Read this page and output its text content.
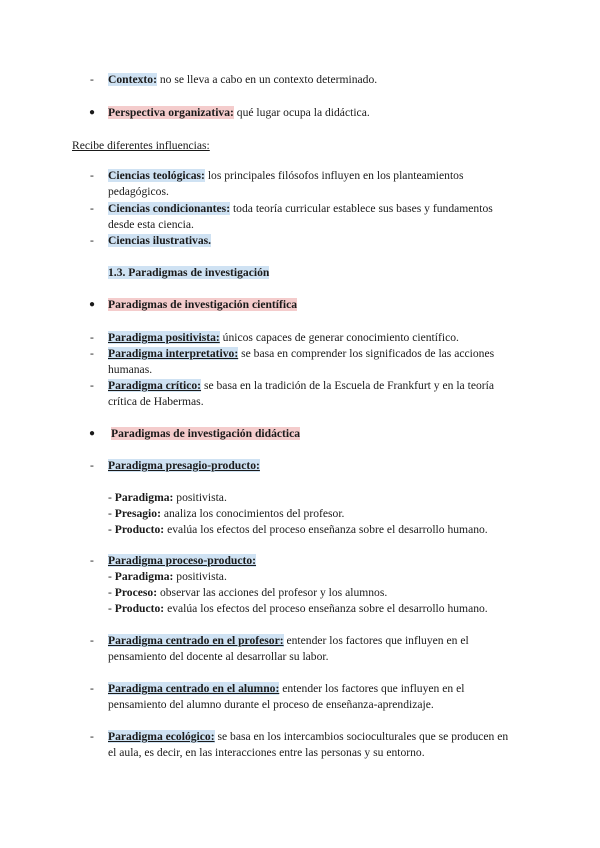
- Contexto: no se lleva a cabo en un contexto determinado.
● Perspectiva organizativa: qué lugar ocupa la didáctica.
Recibe diferentes influencias:
- Ciencias teológicas: los principales filósofos influyen en los planteamientos
pedagógicos.
- Ciencias condicionantes: toda teoría curricular establece sus bases y fundamentos
desde esta ciencia.
- Ciencias ilustrativas.
1.3. Paradigmas de investigación
● Paradigmas de investigación científica
- Paradigma positivista: únicos capaces de generar conocimiento científico.
- Paradigma interpretativo: se basa en comprender los significados de las acciones
humanas.
- Paradigma crítico: se basa en la tradición de la Escuela de Frankfurt y en la teoría
crítica de Habermas.
● Paradigmas de investigación didáctica
- Paradigma presagio-producto:
- Paradigma: positivista.
- Presagio: analiza los conocimientos del profesor.
- Producto: evalúa los efectos del proceso enseñanza sobre el desarrollo humano.
- Paradigma proceso-producto:
- Paradigma: positivista.
- Proceso: observar las acciones del profesor y los alumnos.
- Producto: evalúa los efectos del proceso enseñanza sobre el desarrollo humano.
- Paradigma centrado en el profesor: entender los factores que influyen en el
pensamiento del docente al desarrollar su labor.
- Paradigma centrado en el alumno: entender los factores que influyen en el
pensamiento del alumno durante el proceso de enseñanza-aprendizaje.
- Paradigma ecológico: se basa en los intercambios socioculturales que se producen en
el aula, es decir, en las interacciones entre las personas y su entorno.
